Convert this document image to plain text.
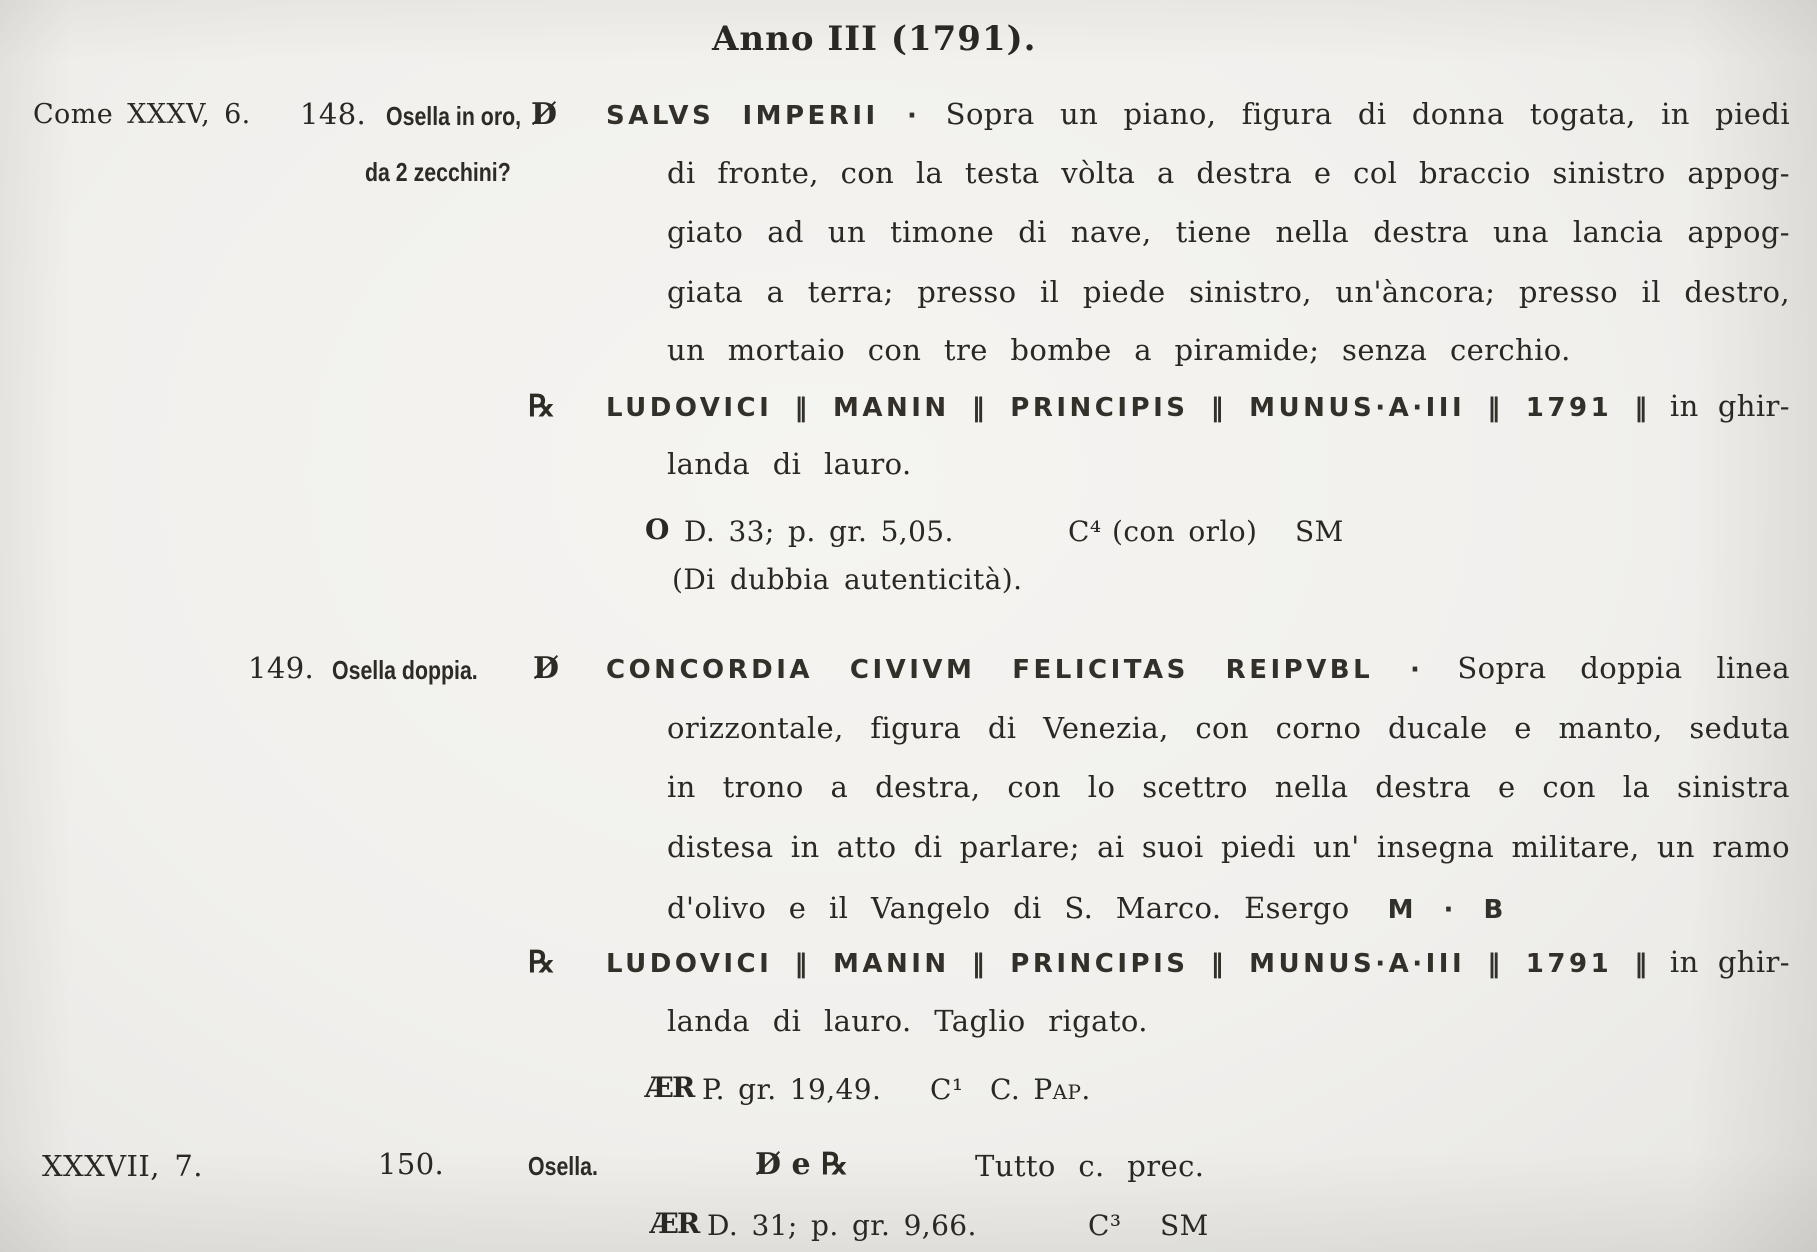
Anno III (1791).
Come XXXV, 6. 148. Osella in oro,
da 2 zecchini?
D̸ SALVS IMPERII · Sopra un piano, figura di donna togata, in piedi
di fronte, con la testa vòlta a destra e col braccio sinistro appog-
giato ad un timone di nave, tiene nella destra una lancia appog-
giata a terra; presso il piede sinistro, un'àncora; presso il destro,
un mortaio con tre bombe a piramide; senza cerchio.
℞ LUDOVICI ‖ MANIN ‖ PRINCIPIS ‖ MUNUS·A·III ‖ 1791 ‖ in ghir-
landa di lauro.
O D. 33; p. gr. 5,05.	C⁴ (con orlo) SM
(Di dubbia autenticità).
149. Osella doppia. D̸ CONCORDIA CIVIVM FELICITAS REIPVBL · Sopra doppia linea
orizzontale, figura di Venezia, con corno ducale e manto, seduta
in trono a destra, con lo scettro nella destra e con la sinistra
distesa in atto di parlare; ai suoi piedi un' insegna militare, un ramo
d'olivo e il Vangelo di S. Marco. Esergo M · B
℞ LUDOVICI ‖ MANIN ‖ PRINCIPIS ‖ MUNUS·A·III ‖ 1791 ‖ in ghir-
landa di lauro. Taglio rigato.
ÆR P. gr. 19,49. C¹ C. Pap.
XXXVII, 7.	150.	Osella.	D̸ e ℞	Tutto c. prec.
ÆR D. 31; p. gr. 9,66.	C³ SM
